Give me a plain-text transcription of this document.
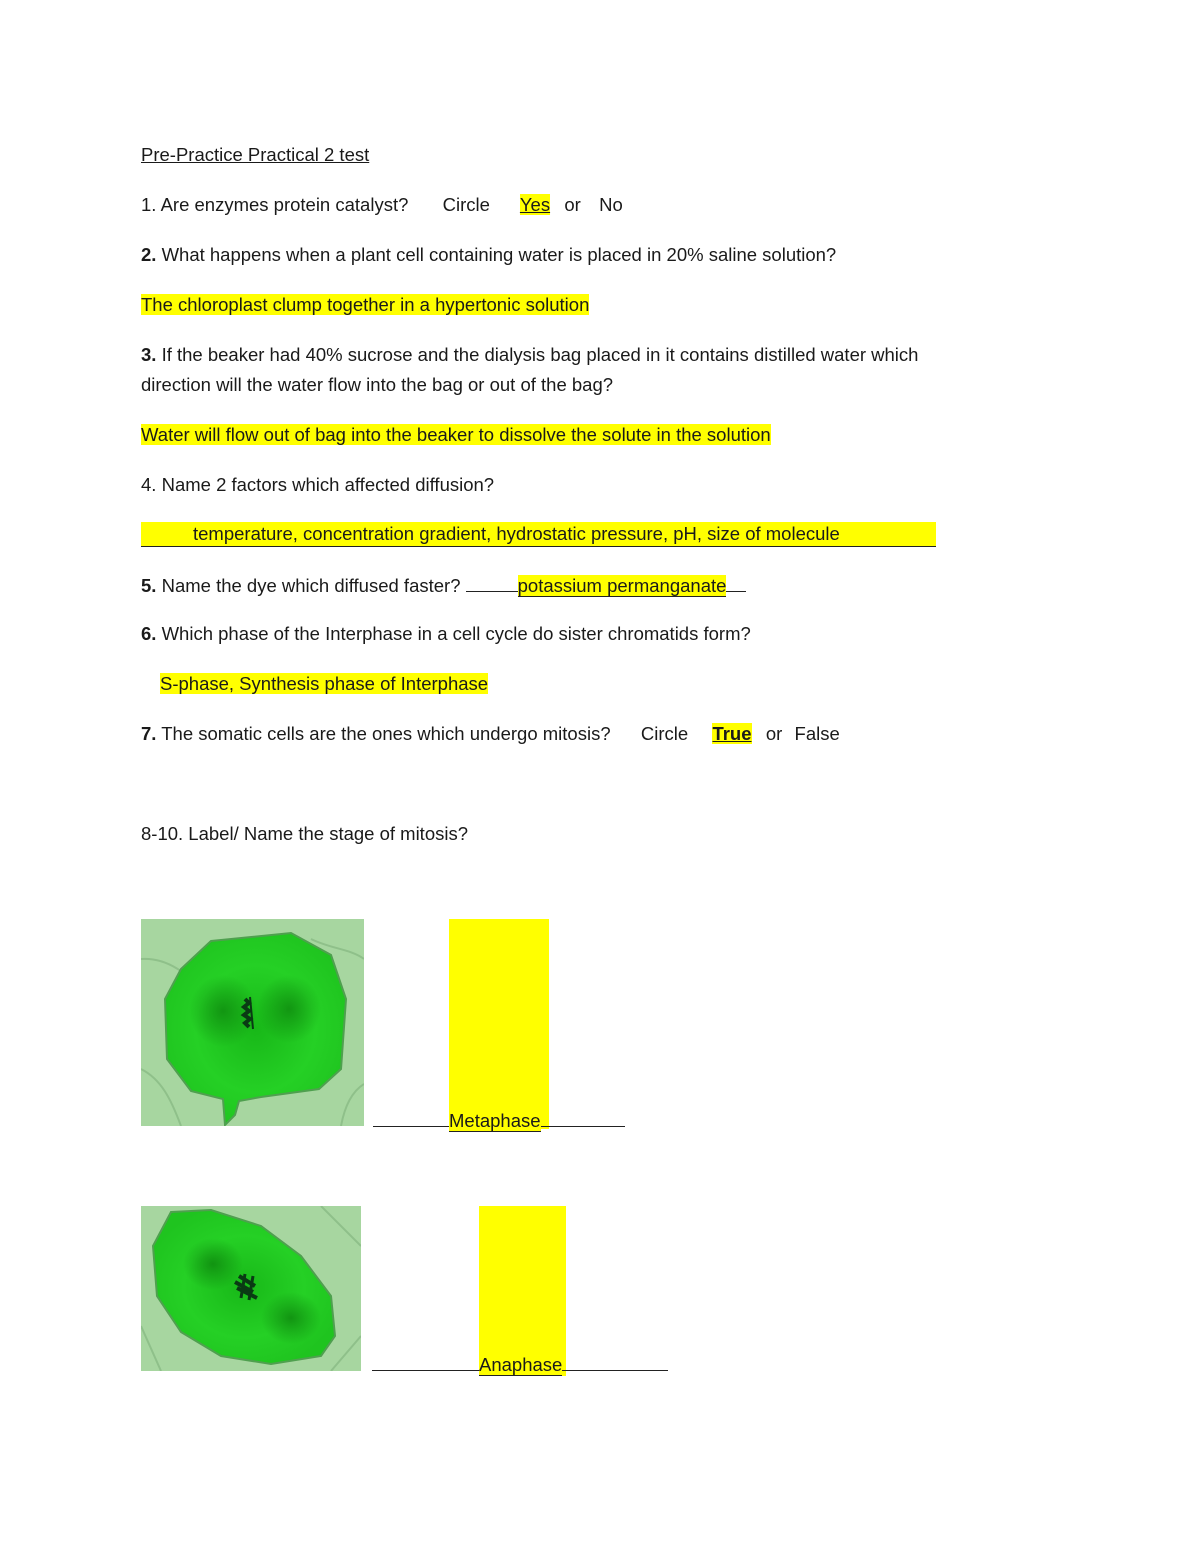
Pre-Practice Practical 2 test
1. Are enzymes protein catalyst? Circle Yes or No
2. What happens when a plant cell containing water is placed in 20% saline solution?
The chloroplast clump together in a hypertonic solution
3. If the beaker had 40% sucrose and the dialysis bag placed in it contains distilled water which
direction will the water flow into the bag or out of the bag?
Water will flow out of bag into the beaker to dissolve the solute in the solution
4. Name 2 factors which affected diffusion?
temperature, concentration gradient, hydrostatic pressure, pH, size of molecule
5. Name the dye which diffused faster?	potassium permanganate
6. Which phase of the Interphase in a cell cycle do sister chromatids form?
S-phase, Synthesis phase of Interphase
7. The somatic cells are the ones which undergo mitosis? Circle True or False
8-10. Label/ Name the stage of mitosis?
Metaphase
Anaphase
